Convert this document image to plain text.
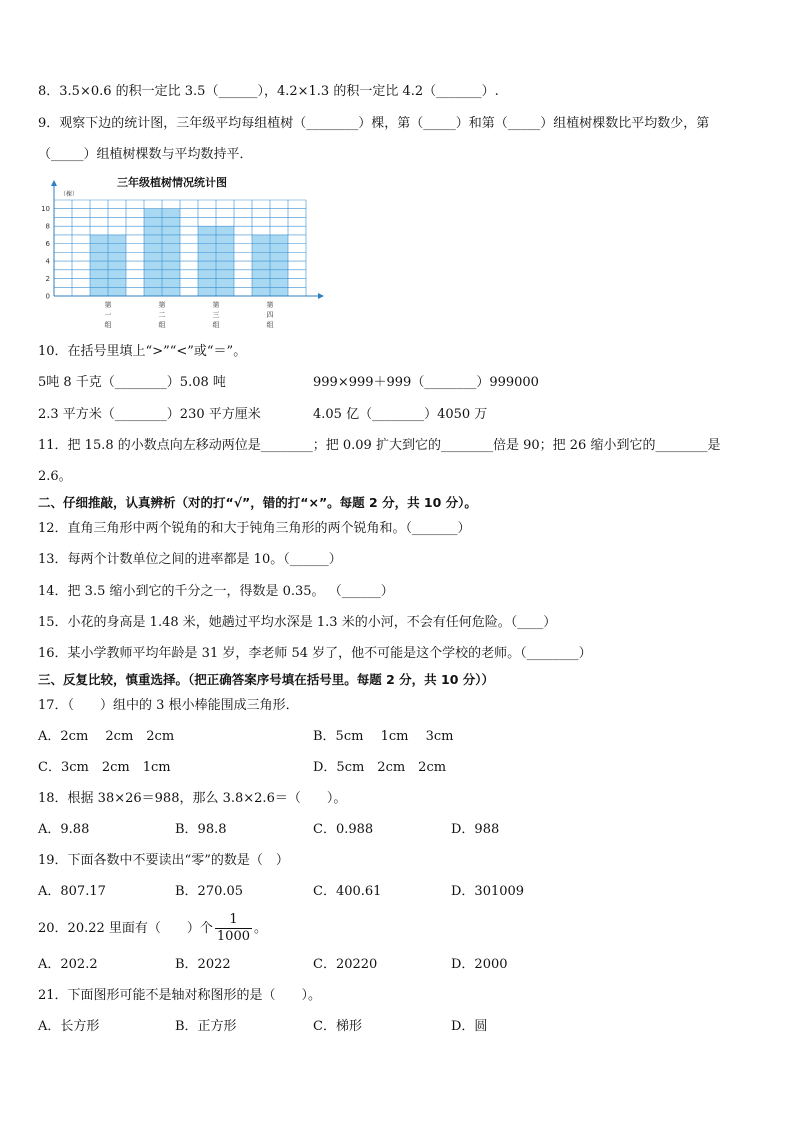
8．3.5×0.6 的积一定比 3.5（______），4.2×1.3 的积一定比 4.2（_______）.
9．观察下边的统计图，三年级平均每组植树（________）棵，第（_____）和第（_____）组植树棵数比平均数少，第
（_____）组植树棵数与平均数持平．
三年级植树情况统计图
（棵）
0
2
4
6
8
10
第
一
组
第
二
组
第
三
组
第
四
组
10．在括号里填上“>”“<”或“＝”。
5吨 8 千克（________）5.08 吨	999×999＋999（________）999000
2.3 平方米（________）230 平方厘米	4.05 亿（________）4050 万
11．把 15.8 的小数点向左移动两位是________；把 0.09 扩大到它的________倍是 90；把 26 缩小到它的________是
2.6。
二、仔细推敲，认真辨析（对的打“√”，错的打“×”。每题 2 分，共 10 分）。
12．直角三角形中两个锐角的和大于钝角三角形的两个锐角和。（_______）
13．每两个计数单位之间的进率都是 10。（______）
14．把 3.5 缩小到它的千分之一，得数是 0.35。 （______）
15．小花的身高是 1.48 米，她趟过平均水深是 1.3 米的小河，不会有任何危险。（____）
16．某小学教师平均年龄是 31 岁，李老师 54 岁了，他不可能是这个学校的老师。（________）
三、反复比较，慎重选择。（把正确答案序号填在括号里。每题 2 分，共 10 分））
17．（　　）组中的 3 根小棒能围成三角形．
A．2cm　 2cm　2cm	B．5cm　 1cm　 3cm
C．3cm　2cm　1cm	D．5cm　2cm　2cm
18．根据 38×26＝988，那么 3.8×2.6＝（　　）。
A．9.88	B．98.8	C．0.988	D．988
19．下面各数中不要读出“零”的数是（　）
A．807.17	B．270.05	C．400.61	D．301009
20．20.22 里面有（　　）个 $\frac{1}{1000}$ 。
A．202.2	B．2022	C．20220	D．2000
21．下面图形可能不是轴对称图形的是（　　）。
A．长方形	B．正方形	C．梯形	D．圆
